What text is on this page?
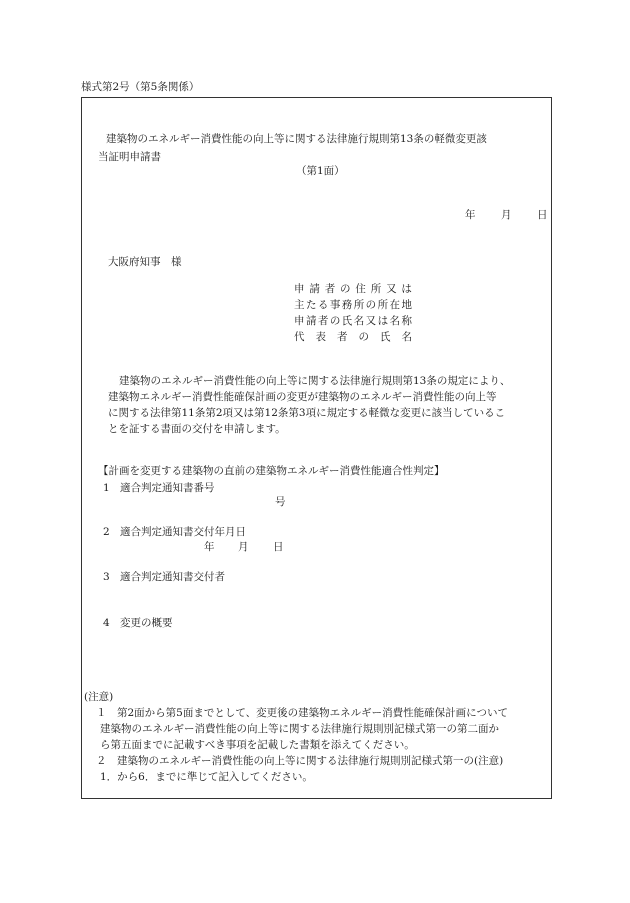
様式第2号（第5条関係）
建築物のエネルギー消費性能の向上等に関する法律施行規則第13条の軽微変更該
当証明申請書
（第1面）
年 月 日
大阪府知事　様
申 請 者 の 住 所 又 は
主 た る 事 務 所 の 所 在 地
申 請 者 の 氏 名 又 は 名 称
代表者の氏名
建築物のエネルギー消費性能の向上等に関する法律施行規則第13条の規定により、
建築物エネルギー消費性能確保計画の変更が建築物のエネルギー消費性能の向上等
に関する法律第11条第2項又は第12条第3項に規定する軽微な変更に該当しているこ
とを証する書面の交付を申請します。
【計画を変更する建築物の直前の建築物エネルギー消費性能適合性判定】
1 適合判定通知書番号
号
2 適合判定通知書交付年月日
年 月 日
3 適合判定通知書交付者
4 変更の概要
(注意)
１　第2面から第5面までとして、変更後の建築物エネルギー消費性能確保計画について
建築物のエネルギー消費性能の向上等に関する法律施行規則別記様式第一の第二面か
ら第五面までに記載すべき事項を記載した書類を添えてください。
２　建築物のエネルギー消費性能の向上等に関する法律施行規則別記様式第一の(注意)
1．から6．までに準じて記入してください。
